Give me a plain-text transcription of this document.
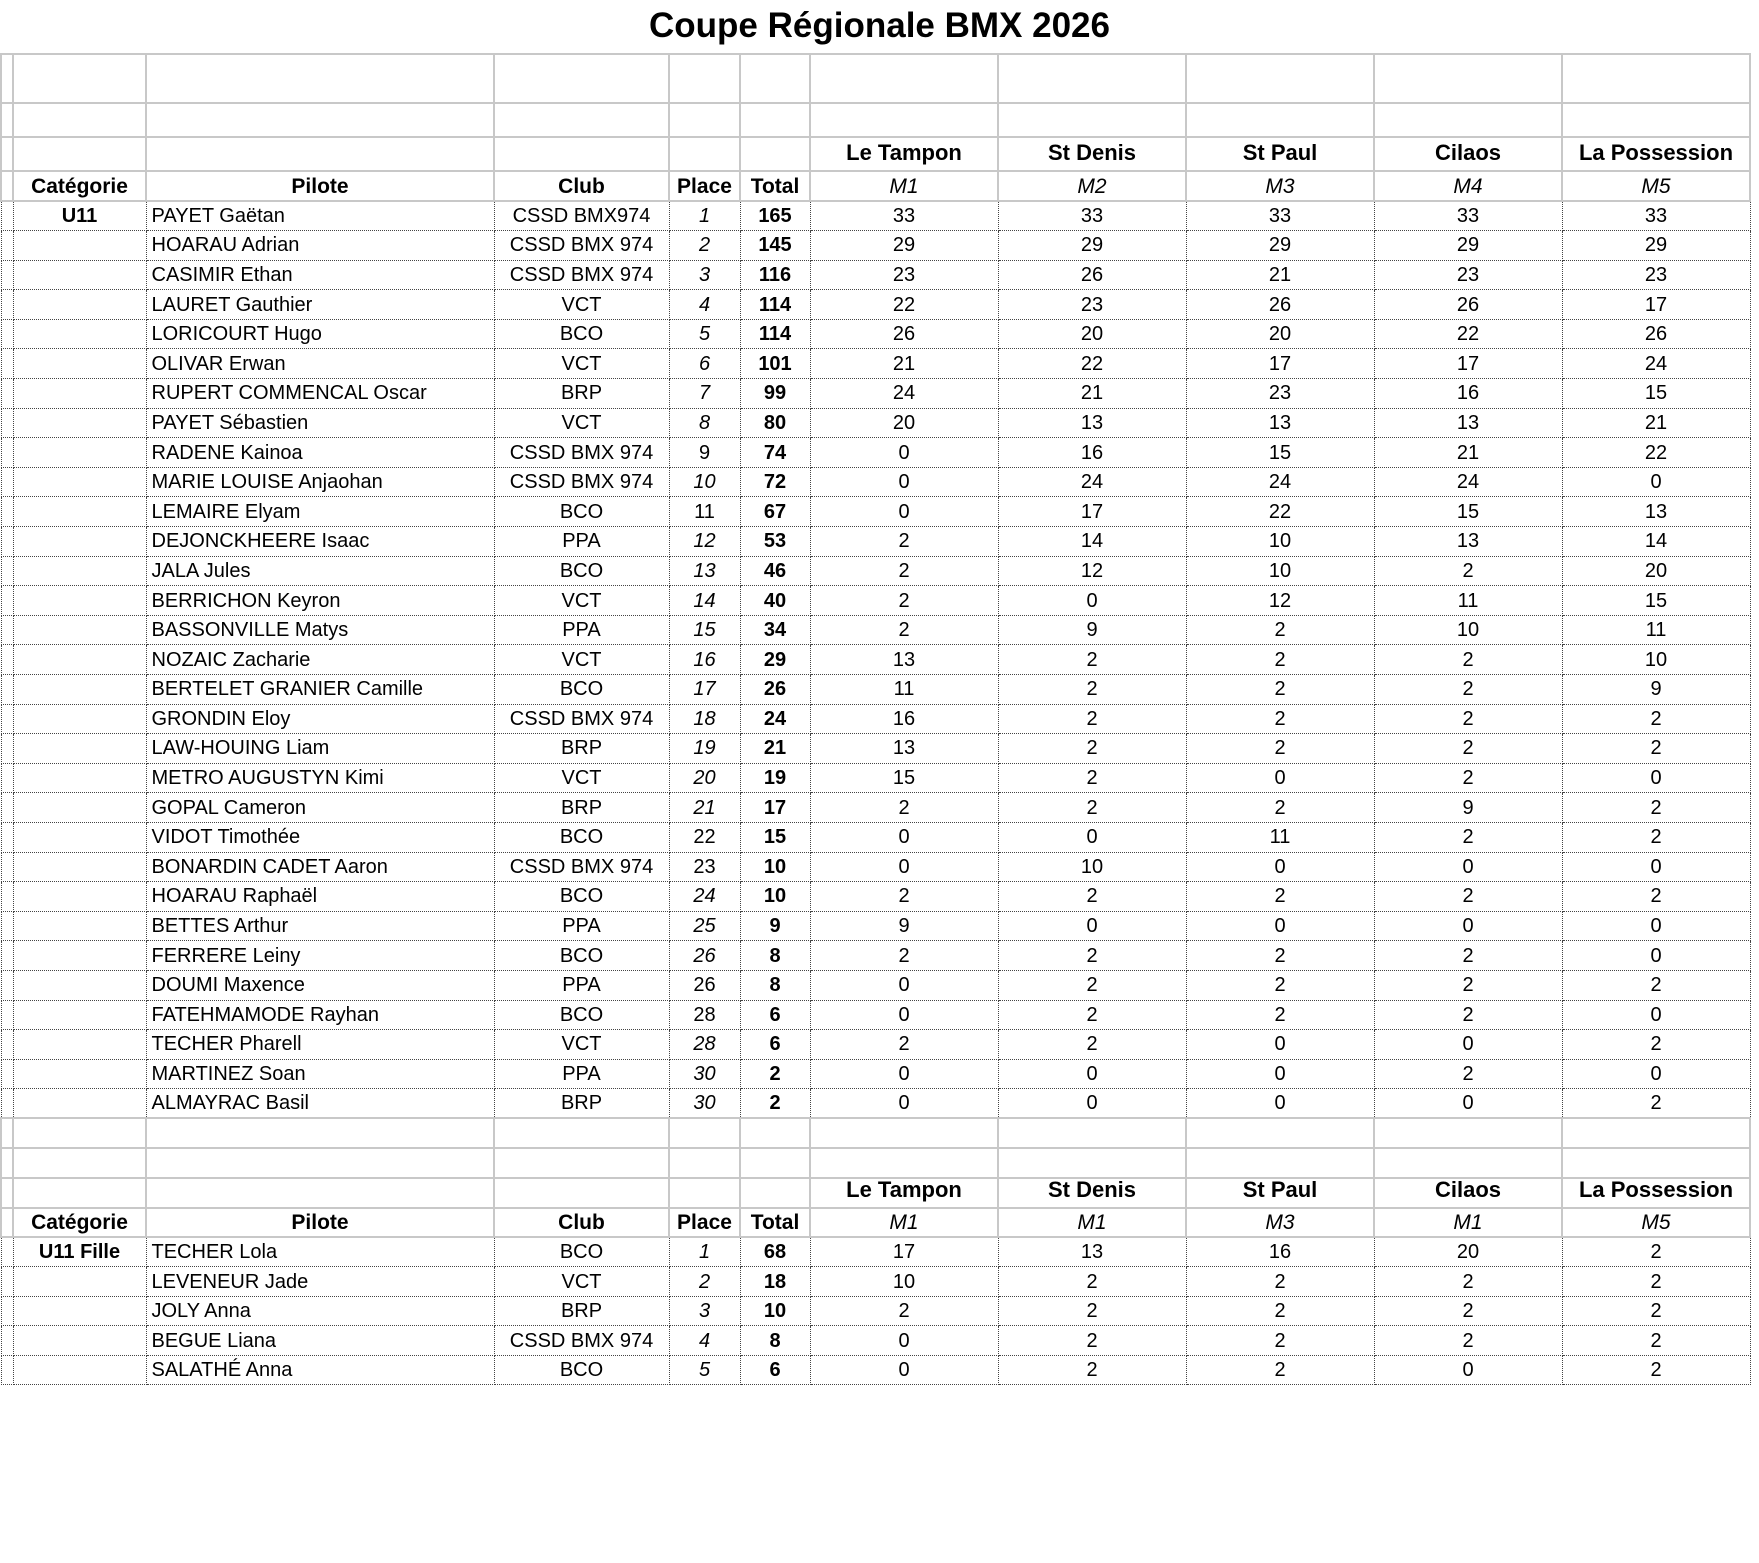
Coupe Régionale BMX 2026

						Le Tampon	St Denis	St Paul	Cilaos	La Possession
	Catégorie	Pilote	Club	Place	Total	M1	M2	M3	M4	M5
	U11	PAYET Gaëtan	CSSD BMX974	1	165	33	33	33	33	33
		HOARAU Adrian	CSSD BMX 974	2	145	29	29	29	29	29
		CASIMIR Ethan	CSSD BMX 974	3	116	23	26	21	23	23
		LAURET Gauthier	VCT	4	114	22	23	26	26	17
		LORICOURT Hugo	BCO	5	114	26	20	20	22	26
		OLIVAR Erwan	VCT	6	101	21	22	17	17	24
		RUPERT COMMENCAL Oscar	BRP	7	99	24	21	23	16	15
		PAYET Sébastien	VCT	8	80	20	13	13	13	21
		RADENE Kainoa	CSSD BMX 974	9	74	0	16	15	21	22
		MARIE LOUISE Anjaohan	CSSD BMX 974	10	72	0	24	24	24	0
		LEMAIRE Elyam	BCO	11	67	0	17	22	15	13
		DEJONCKHEERE Isaac	PPA	12	53	2	14	10	13	14
		JALA Jules	BCO	13	46	2	12	10	2	20
		BERRICHON Keyron	VCT	14	40	2	0	12	11	15
		BASSONVILLE Matys	PPA	15	34	2	9	2	10	11
		NOZAIC Zacharie	VCT	16	29	13	2	2	2	10
		BERTELET GRANIER Camille	BCO	17	26	11	2	2	2	9
		GRONDIN Eloy	CSSD BMX 974	18	24	16	2	2	2	2
		LAW-HOUING Liam	BRP	19	21	13	2	2	2	2
		METRO AUGUSTYN Kimi	VCT	20	19	15	2	0	2	0
		GOPAL Cameron	BRP	21	17	2	2	2	9	2
		VIDOT Timothée	BCO	22	15	0	0	11	2	2
		BONARDIN CADET Aaron	CSSD BMX 974	23	10	0	10	0	0	0
		HOARAU Raphaël	BCO	24	10	2	2	2	2	2
		BETTES Arthur	PPA	25	9	9	0	0	0	0
		FERRERE Leiny	BCO	26	8	2	2	2	2	0
		DOUMI Maxence	PPA	26	8	0	2	2	2	2
		FATEHMAMODE Rayhan	BCO	28	6	0	2	2	2	0
		TECHER Pharell	VCT	28	6	2	2	0	0	2
		MARTINEZ Soan	PPA	30	2	0	0	0	2	0
		ALMAYRAC Basil	BRP	30	2	0	0	0	0	2

						Le Tampon	St Denis	St Paul	Cilaos	La Possession
	Catégorie	Pilote	Club	Place	Total	M1	M1	M3	M1	M5
	U11 Fille	TECHER Lola	BCO	1	68	17	13	16	20	2
		LEVENEUR Jade	VCT	2	18	10	2	2	2	2
		JOLY Anna	BRP	3	10	2	2	2	2	2
		BEGUE Liana	CSSD BMX 974	4	8	0	2	2	2	2
		SALATHÉ Anna	BCO	5	6	0	2	2	0	2
